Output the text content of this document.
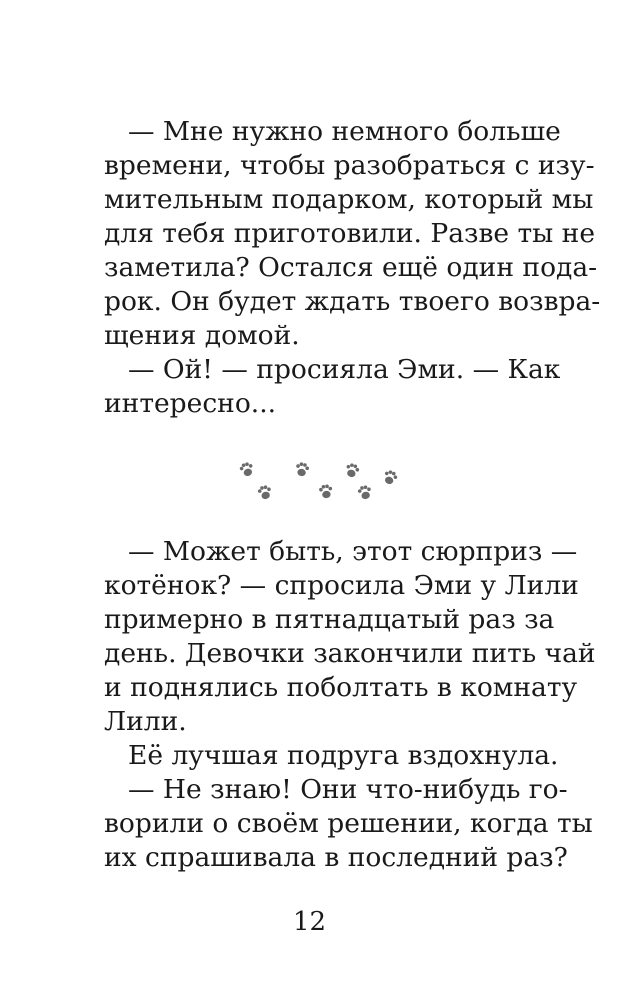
— Мне нужно немного больше
времени, чтобы разобраться с изу-
мительным подарком, который мы
для тебя приготовили. Разве ты не
заметила? Остался ещё один пода-
рок. Он будет ждать твоего возвра-
щения домой.
— Ой! — просияла Эми. — Как
интересно...
— Может быть, этот сюрприз —
котёнок? — спросила Эми у Лили
примерно в пятнадцатый раз за
день. Девочки закончили пить чай
и поднялись поболтать в комнату
Лили.
Её лучшая подруга вздохнула.
— Не знаю! Они что-нибудь го-
ворили о своём решении, когда ты
их спрашивала в последний раз?
12
